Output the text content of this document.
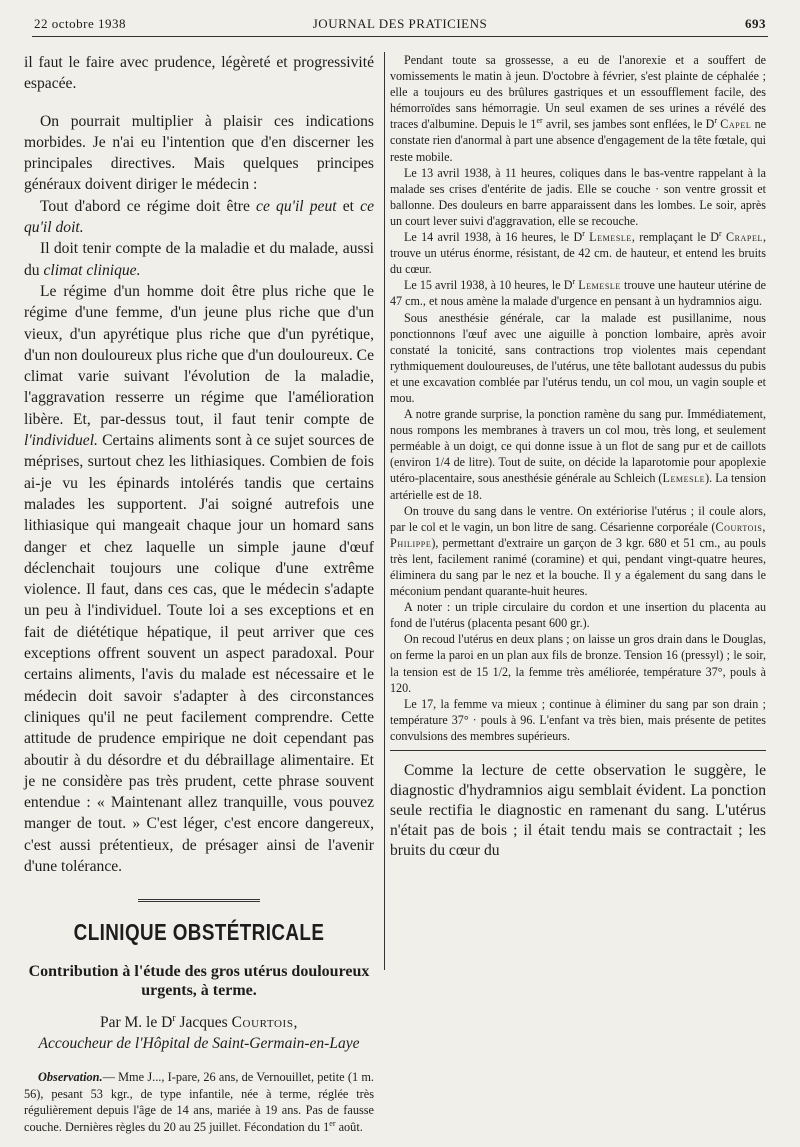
22 octobre 1938	JOURNAL DES PRATICIENS	693

il faut le faire avec prudence, légèreté et progressivité espacée.

On pourrait multiplier à plaisir ces indications morbides. Je n'ai eu l'intention que d'en discerner les principales directives. Mais quelques principes généraux doivent diriger le médecin :

Tout d'abord ce régime doit être ce qu'il peut et ce qu'il doit.

Il doit tenir compte de la maladie et du malade, aussi du climat clinique.

Le régime d'un homme doit être plus riche que le régime d'une femme, d'un jeune plus riche que d'un vieux, d'un apyrétique plus riche que d'un pyrétique, d'un non douloureux plus riche que d'un douloureux. Ce climat varie suivant l'évolution de la maladie, l'aggravation resserre un régime que l'amélioration libère. Et, par-dessus tout, il faut tenir compte de l'individuel. Certains aliments sont à ce sujet sources de méprises, surtout chez les lithiasiques. Combien de fois ai-je vu les épinards intolérés tandis que certains malades les supportent. J'ai soigné autrefois une lithiasique qui mangeait chaque jour un homard sans danger et chez laquelle un simple jaune d'œuf déclenchait toujours une colique d'une extrême violence. Il faut, dans ces cas, que le médecin s'adapte un peu à l'individuel. Toute loi a ses exceptions et en fait de diététique hépatique, il peut arriver que ces exceptions offrent souvent un aspect paradoxal. Pour certains aliments, l'avis du malade est nécessaire et le médecin doit savoir s'adapter à des circonstances cliniques qu'il ne peut facilement comprendre. Cette attitude de prudence empirique ne doit cependant pas aboutir à du désordre et du débraillage alimentaire. Et je ne considère pas très prudent, cette phrase souvent entendue : « Maintenant allez tranquille, vous pouvez manger de tout. » C'est léger, c'est encore dangereux, c'est aussi prétentieux, de présager ainsi de l'avenir d'une tolérance.

CLINIQUE OBSTÉTRICALE
Contribution à l'étude des gros utérus douloureux urgents, à terme.
Par M. le $D^r$ Jacques Courtois,
Accoucheur de l'Hôpital de Saint-Germain-en-Laye

Observation.— Mme J..., I-pare, 26 ans, de Vernouillet, petite (1 m. 56), pesant 53 kgr., de type infantile, née à terme, réglée très régulièrement depuis l'âge de 14 ans, mariée à 19 ans. Pas de fausse couche. Dernières règles du 20 au 25 juillet. Fécondation du 1er août.

Pendant toute sa grossesse, a eu de l'anorexie et a souffert de vomissements le matin à jeun. D'octobre à février, s'est plainte de céphalée ; elle a toujours eu des brûlures gastriques et un essoufflement facile, des hémorroïdes sans hémorragie. Un seul examen de ses urines a révélé des traces d'albumine. Depuis le 1er avril, ses jambes sont enflées, le $D^r$ Capel ne constate rien d'anormal à part une absence d'engagement de la tête fœtale, qui reste mobile.

Le 13 avril 1938, à 11 heures, coliques dans le bas-ventre rappelant à la malade ses crises d'entérite de jadis. Elle se couche · son ventre grossit et ballonne. Des douleurs en barre apparaissent dans les lombes. Le soir, après un court lever suivi d'aggravation, elle se recouche.

Le 14 avril 1938, à 16 heures, le $D^r$ Lemesle, remplaçant le $D^r$ Crapel, trouve un utérus énorme, résistant, de 42 cm. de hauteur, et entend les bruits du cœur.

Le 15 avril 1938, à 10 heures, le $D^r$ Lemesle trouve une hauteur utérine de 47 cm., et nous amène la malade d'urgence en pensant à un hydramnios aigu.

Sous anesthésie générale, car la malade est pusillanime, nous ponctionnons l'œuf avec une aiguille à ponction lombaire, après avoir constaté la tonicité, sans contractions trop violentes mais cependant rythmiquement douloureuses, de l'utérus, une tête ballotant audessus du pubis et une excavation comblée par l'utérus tendu, un col mou, un vagin souple et mou.

A notre grande surprise, la ponction ramène du sang pur. Immédiatement, nous rompons les membranes à travers un col mou, très long, et seulement perméable à un doigt, ce qui donne issue à un flot de sang pur et de caillots (environ 1/4 de litre). Tout de suite, on décide la laparotomie pour apoplexie utéro-placentaire, sous anesthésie générale au Schleich (Lemesle). La tension artérielle est de 18.

On trouve du sang dans le ventre. On extériorise l'utérus ; il coule alors, par le col et le vagin, un bon litre de sang. Césarienne corporéale (Courtois, Philippe), permettant d'extraire un garçon de 3 kgr. 680 et 51 cm., au pouls très lent, facilement ranimé (coramine) et qui, pendant vingt-quatre heures, éliminera du sang par le nez et la bouche. Il y a également du sang dans le méconium pendant quarante-huit heures.

A noter : un triple circulaire du cordon et une insertion du placenta au fond de l'utérus (placenta pesant 600 gr.).

On recoud l'utérus en deux plans ; on laisse un gros drain dans le Douglas, on ferme la paroi en un plan aux fils de bronze. Tension 16 (pressyl) ; le soir, la tension est de 15 1/2, la femme très améliorée, température 37°, pouls à 120.

Le 17, la femme va mieux ; continue à éliminer du sang par son drain ; température 37° · pouls à 96. L'enfant va très bien, mais présente de petites convulsions des membres supérieurs.

Comme la lecture de cette observation le suggère, le diagnostic d'hydramnios aigu semblait évident. La ponction seule rectifia le diagnostic en ramenant du sang. L'utérus n'était pas de bois ; il était tendu mais se contractait ; les bruits du cœur du
